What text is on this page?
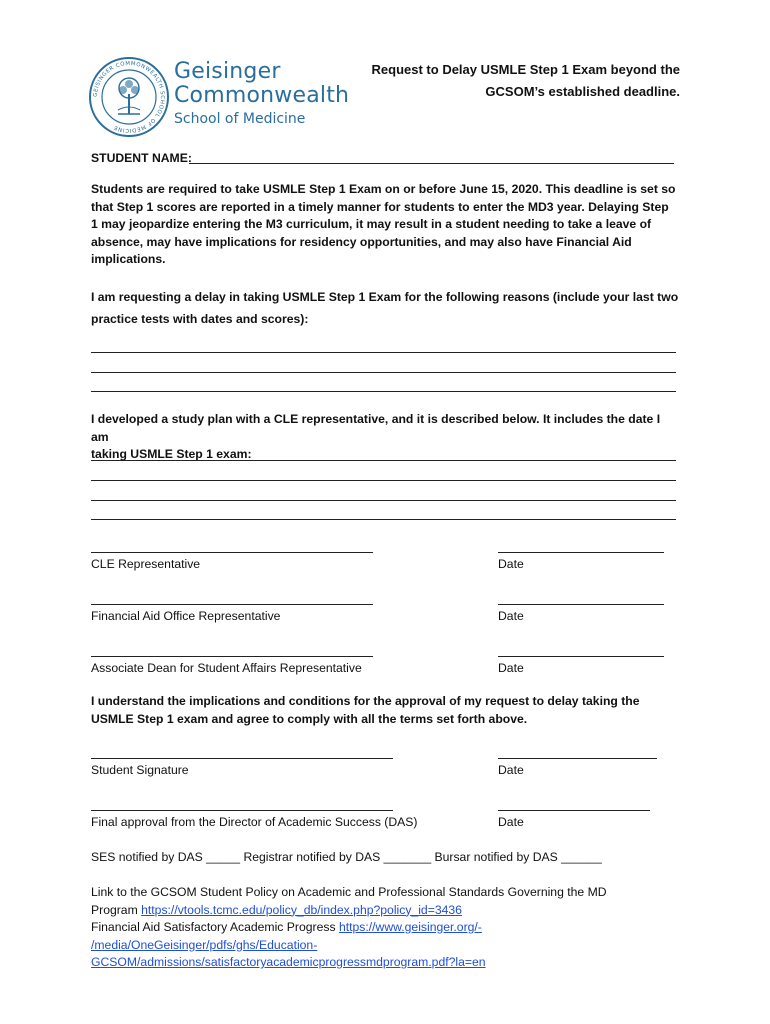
GEISINGER COMMONWEALTH SCHOOL OF MEDICINE
Geisinger
Commonwealth
School of Medicine
Request to Delay USMLE Step 1 Exam beyond the
GCSOM’s established deadline.
STUDENT NAME:
Students are required to take USMLE Step 1 Exam on or before June 15, 2020. This deadline is set so
that Step 1 scores are reported in a timely manner for students to enter the MD3 year. Delaying Step
1 may jeopardize entering the M3 curriculum, it may result in a student needing to take a leave of
absence, may have implications for residency opportunities, and may also have Financial Aid
implications.
I am requesting a delay in taking USMLE Step 1 Exam for the following reasons (include your last two
practice tests with dates and scores):
I developed a study plan with a CLE representative, and it is described below. It includes the date I am
taking USMLE Step 1 exam:
CLE Representative	Date
Financial Aid Office Representative	Date
Associate Dean for Student Affairs Representative	Date
I understand the implications and conditions for the approval of my request to delay taking the
USMLE Step 1 exam and agree to comply with all the terms set forth above.
Student Signature	Date
Final approval from the Director of Academic Success (DAS)	Date
SES notified by DAS _____ Registrar notified by DAS _______ Bursar notified by DAS ______
Link to the GCSOM Student Policy on Academic and Professional Standards Governing the MD
Program https://vtools.tcmc.edu/policy_db/index.php?policy_id=3436
Financial Aid Satisfactory Academic Progress https://www.geisinger.org/-
/media/OneGeisinger/pdfs/ghs/Education-
GCSOM/admissions/satisfactoryacademicprogressmdprogram.pdf?la=en
